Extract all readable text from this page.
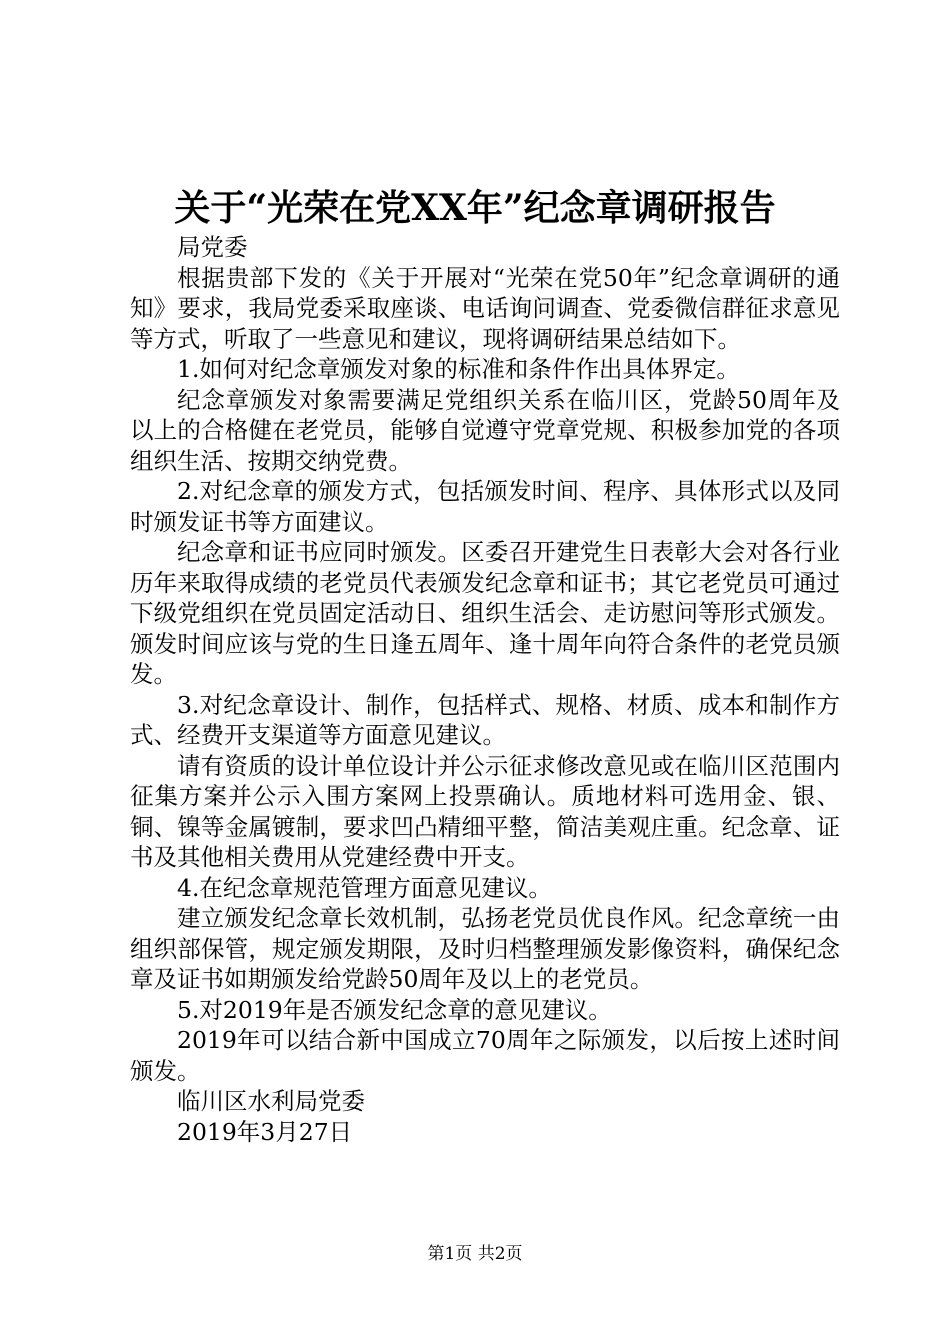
关于“光荣在党XX年”纪念章调研报告

局党委

根据贵部下发的《关于开展对“光荣在党50年”纪念章调研的通知》要求，我局党委采取座谈、电话询问调查、党委微信群征求意见等方式，听取了一些意见和建议，现将调研结果总结如下。

1.如何对纪念章颁发对象的标准和条件作出具体界定。

纪念章颁发对象需要满足党组织关系在临川区，党龄50周年及以上的合格健在老党员，能够自觉遵守党章党规、积极参加党的各项组织生活、按期交纳党费。

2.对纪念章的颁发方式，包括颁发时间、程序、具体形式以及同时颁发证书等方面建议。

纪念章和证书应同时颁发。区委召开建党生日表彰大会对各行业历年来取得成绩的老党员代表颁发纪念章和证书；其它老党员可通过下级党组织在党员固定活动日、组织生活会、走访慰问等形式颁发。颁发时间应该与党的生日逢五周年、逢十周年向符合条件的老党员颁发。

3.对纪念章设计、制作，包括样式、规格、材质、成本和制作方式、经费开支渠道等方面意见建议。

请有资质的设计单位设计并公示征求修改意见或在临川区范围内征集方案并公示入围方案网上投票确认。质地材料可选用金、银、铜、镍等金属镀制，要求凹凸精细平整，简洁美观庄重。纪念章、证书及其他相关费用从党建经费中开支。

4.在纪念章规范管理方面意见建议。

建立颁发纪念章长效机制，弘扬老党员优良作风。纪念章统一由组织部保管，规定颁发期限，及时归档整理颁发影像资料，确保纪念章及证书如期颁发给党龄50周年及以上的老党员。

5.对2019年是否颁发纪念章的意见建议。

2019年可以结合新中国成立70周年之际颁发，以后按上述时间颁发。

临川区水利局党委

2019年3月27日

第1页 共2页
